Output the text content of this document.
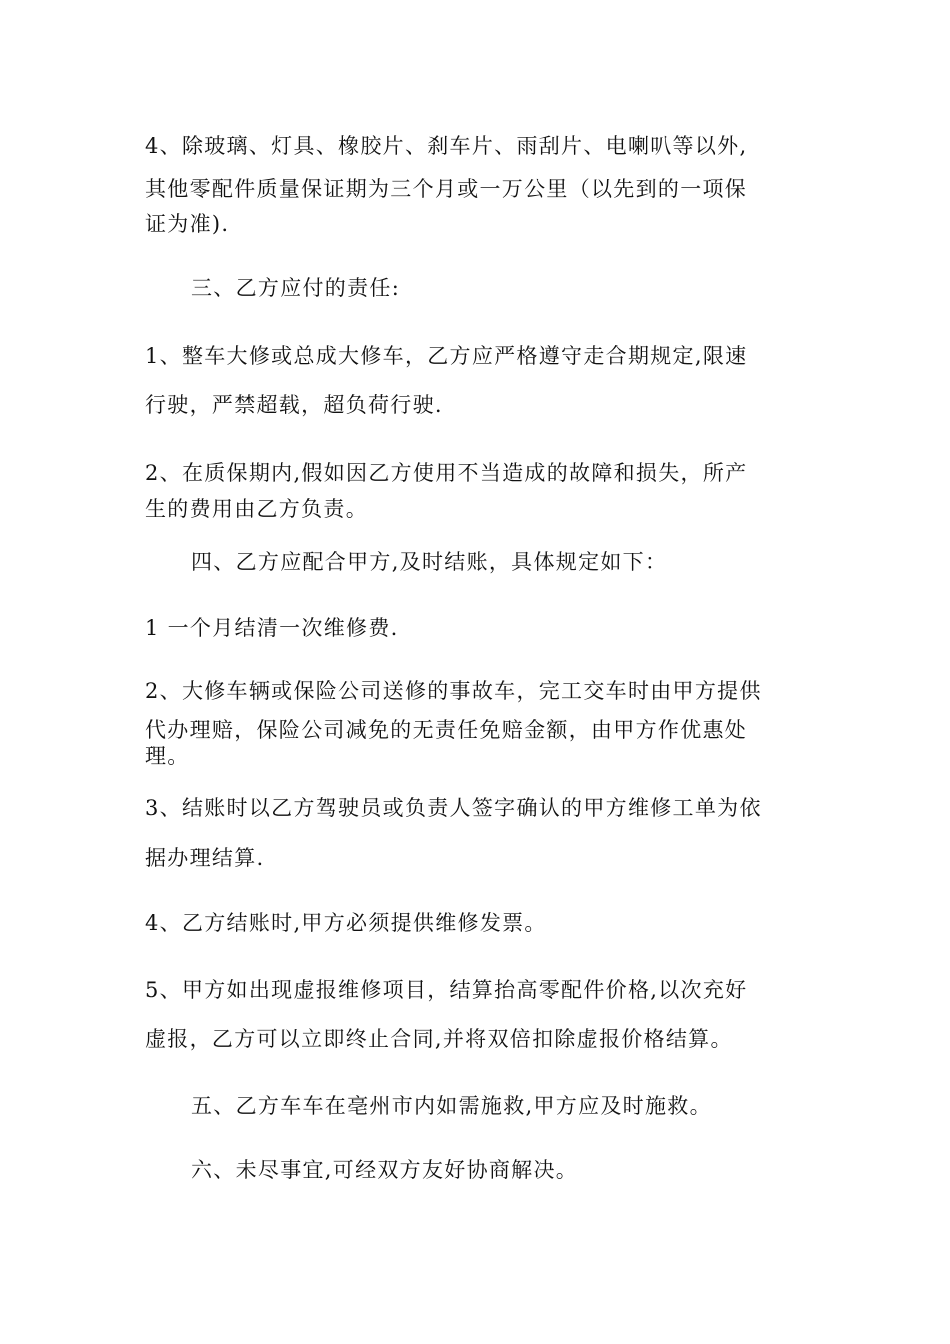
4、除玻璃、灯具、橡胶片、刹车片、雨刮片、电喇叭等以外,
其他零配件质量保证期为三个月或一万公里（以先到的一项保
证为准).
三、乙方应付的责任:
1、整车大修或总成大修车，乙方应严格遵守走合期规定,限速
行驶，严禁超载，超负荷行驶.
2、在质保期内,假如因乙方使用不当造成的故障和损失，所产
生的费用由乙方负责。
四、乙方应配合甲方,及时结账，具体规定如下：
1 一个月结清一次维修费.
2、大修车辆或保险公司送修的事故车，完工交车时由甲方提供
代办理赔，保险公司减免的无责任免赔金额，由甲方作优惠处
理。
3、结账时以乙方驾驶员或负责人签字确认的甲方维修工单为依
据办理结算.
4、乙方结账时,甲方必须提供维修发票。
5、甲方如出现虚报维修项目，结算抬高零配件价格,以次充好
虚报，乙方可以立即终止合同,并将双倍扣除虚报价格结算。
五、乙方车车在亳州市内如需施救,甲方应及时施救。
六、未尽事宜,可经双方友好协商解决。
